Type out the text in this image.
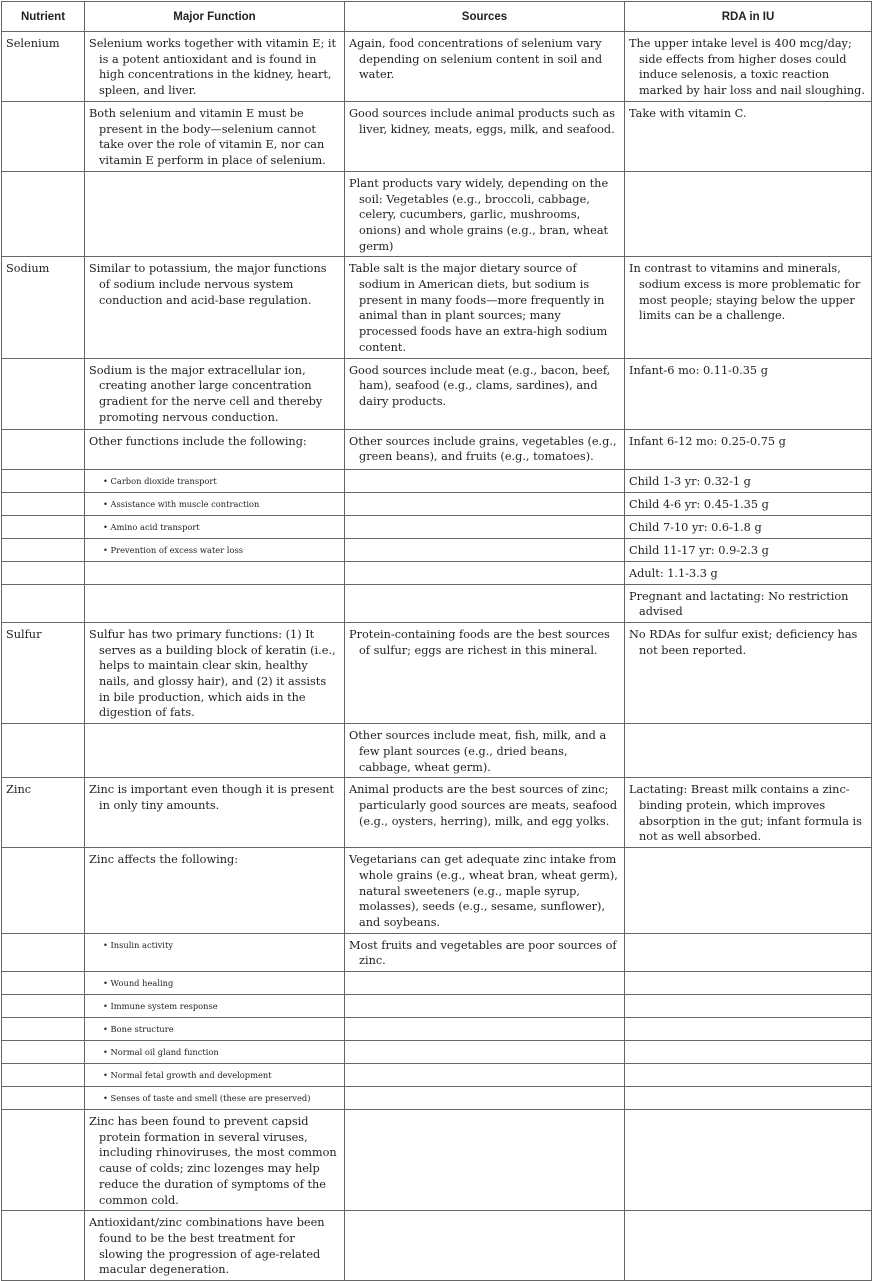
Nutrient	Major Function	Sources	RDA in IU
Selenium	Selenium works together with vitamin E; it is a potent antioxidant and is found in high concentrations in the kidney, heart, spleen, and liver.	Again, food concentrations of selenium vary depending on selenium content in soil and water.	The upper intake level is 400 mcg/day; side effects from higher doses could induce selenosis, a toxic reaction marked by hair loss and nail sloughing.
	Both selenium and vitamin E must be present in the body—selenium cannot take over the role of vitamin E, nor can vitamin E perform in place of selenium.	Good sources include animal products such as liver, kidney, meats, eggs, milk, and seafood.	Take with vitamin C.
		Plant products vary widely, depending on the soil: Vegetables (e.g., broccoli, cabbage, celery, cucumbers, garlic, mushrooms, onions) and whole grains (e.g., bran, wheat germ)	
Sodium	Similar to potassium, the major functions of sodium include nervous system conduction and acid-base regulation.	Table salt is the major dietary source of sodium in American diets, but sodium is present in many foods—more frequently in animal than in plant sources; many processed foods have an extra-high sodium content.	In contrast to vitamins and minerals, sodium excess is more problematic for most people; staying below the upper limits can be a challenge.
	Sodium is the major extracellular ion, creating another large concentration gradient for the nerve cell and thereby promoting nervous conduction.	Good sources include meat (e.g., bacon, beef, ham), seafood (e.g., clams, sardines), and dairy products.	Infant-6 mo: 0.11-0.35 g
	Other functions include the following:	Other sources include grains, vegetables (e.g., green beans), and fruits (e.g., tomatoes).	Infant 6-12 mo: 0.25-0.75 g
	• Carbon dioxide transport		Child 1-3 yr: 0.32-1 g
	• Assistance with muscle contraction		Child 4-6 yr: 0.45-1.35 g
	• Amino acid transport		Child 7-10 yr: 0.6-1.8 g
	• Prevention of excess water loss		Child 11-17 yr: 0.9-2.3 g
			Adult: 1.1-3.3 g
			Pregnant and lactating: No restriction advised
Sulfur	Sulfur has two primary functions: (1) It serves as a building block of keratin (i.e., helps to maintain clear skin, healthy nails, and glossy hair), and (2) it assists in bile production, which aids in the digestion of fats.	Protein-containing foods are the best sources of sulfur; eggs are richest in this mineral.	No RDAs for sulfur exist; deficiency has not been reported.
		Other sources include meat, fish, milk, and a few plant sources (e.g., dried beans, cabbage, wheat germ).	
Zinc	Zinc is important even though it is present in only tiny amounts.	Animal products are the best sources of zinc; particularly good sources are meats, seafood (e.g., oysters, herring), milk, and egg yolks.	Lactating: Breast milk contains a zinc-binding protein, which improves absorption in the gut; infant formula is not as well absorbed.
	Zinc affects the following:	Vegetarians can get adequate zinc intake from whole grains (e.g., wheat bran, wheat germ), natural sweeteners (e.g., maple syrup, molasses), seeds (e.g., sesame, sunflower), and soybeans.	
	• Insulin activity	Most fruits and vegetables are poor sources of zinc.	
	• Wound healing		
	• Immune system response		
	• Bone structure		
	• Normal oil gland function		
	• Normal fetal growth and development		
	• Senses of taste and smell (these are preserved)		
	Zinc has been found to prevent capsid protein formation in several viruses, including rhinoviruses, the most common cause of colds; zinc lozenges may help reduce the duration of symptoms of the common cold.		
	Antioxidant/zinc combinations have been found to be the best treatment for slowing the progression of age-related macular degeneration.		
